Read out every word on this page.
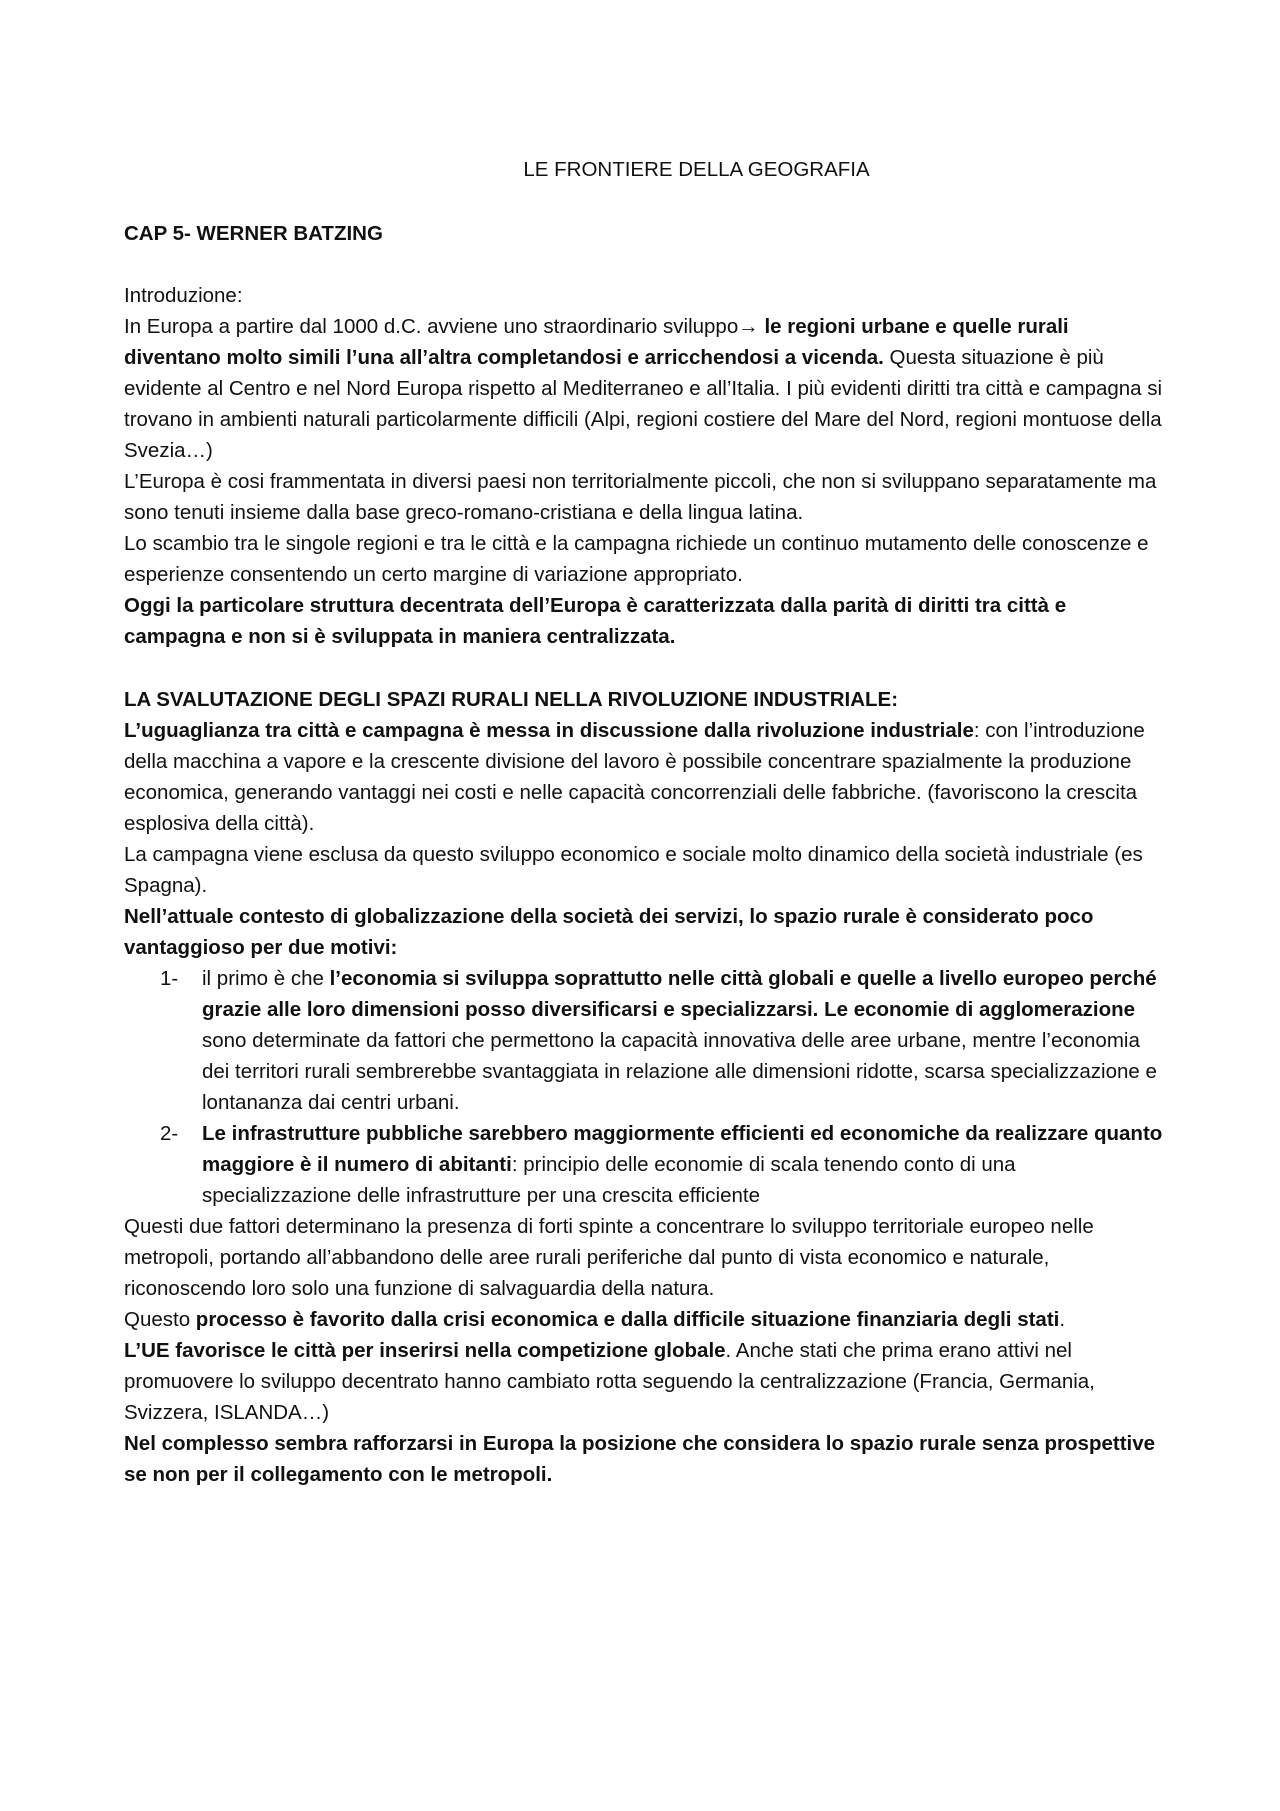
LE FRONTIERE DELLA GEOGRAFIA
CAP 5- WERNER BATZING

Introduzione:

In Europa a partire dal 1000 d.C. avviene uno straordinario sviluppo→ le regioni urbane e quelle rurali diventano molto simili l’una all’altra completandosi e arricchendosi a vicenda. Questa situazione è più evidente al Centro e nel Nord Europa rispetto al Mediterraneo e all’Italia. I più evidenti diritti tra città e campagna si trovano in ambienti naturali particolarmente difficili (Alpi, regioni costiere del Mare del Nord, regioni montuose della Svezia…)

L’Europa è cosi frammentata in diversi paesi non territorialmente piccoli, che non si sviluppano separatamente ma sono tenuti insieme dalla base greco-romano-cristiana e della lingua latina.

Lo scambio tra le singole regioni e tra le città e la campagna richiede un continuo mutamento delle conoscenze e esperienze consentendo un certo margine di variazione appropriato.

Oggi la particolare struttura decentrata dell’Europa è caratterizzata dalla parità di diritti tra città e campagna e non si è sviluppata in maniera centralizzata.

LA SVALUTAZIONE DEGLI SPAZI RURALI NELLA RIVOLUZIONE INDUSTRIALE:

L’uguaglianza tra città e campagna è messa in discussione dalla rivoluzione industriale: con l’introduzione della macchina a vapore e la crescente divisione del lavoro è possibile concentrare spazialmente la produzione economica, generando vantaggi nei costi e nelle capacità concorrenziali delle fabbriche. (favoriscono la crescita esplosiva della città).

La campagna viene esclusa da questo sviluppo economico e sociale molto dinamico della società industriale (es Spagna).

Nell’attuale contesto di globalizzazione della società dei servizi, lo spazio rurale è considerato poco vantaggioso per due motivi:

1- il primo è che l’economia si sviluppa soprattutto nelle città globali e quelle a livello europeo perché grazie alle loro dimensioni posso diversificarsi e specializzarsi. Le economie di agglomerazione sono determinate da fattori che permettono la capacità innovativa delle aree urbane, mentre l’economia dei territori rurali sembrerebbe svantaggiata in relazione alle dimensioni ridotte, scarsa specializzazione e lontananza dai centri urbani.
2- Le infrastrutture pubbliche sarebbero maggiormente efficienti ed economiche da realizzare quanto maggiore è il numero di abitanti: principio delle economie di scala tenendo conto di una specializzazione delle infrastrutture per una crescita efficiente

Questi due fattori determinano la presenza di forti spinte a concentrare lo sviluppo territoriale europeo nelle metropoli, portando all’abbandono delle aree rurali periferiche dal punto di vista economico e naturale, riconoscendo loro solo una funzione di salvaguardia della natura.

Questo processo è favorito dalla crisi economica e dalla difficile situazione finanziaria degli stati.

L’UE favorisce le città per inserirsi nella competizione globale. Anche stati che prima erano attivi nel promuovere lo sviluppo decentrato hanno cambiato rotta seguendo la centralizzazione (Francia, Germania, Svizzera, ISLANDA…)

Nel complesso sembra rafforzarsi in Europa la posizione che considera lo spazio rurale senza prospettive se non per il collegamento con le metropoli.
